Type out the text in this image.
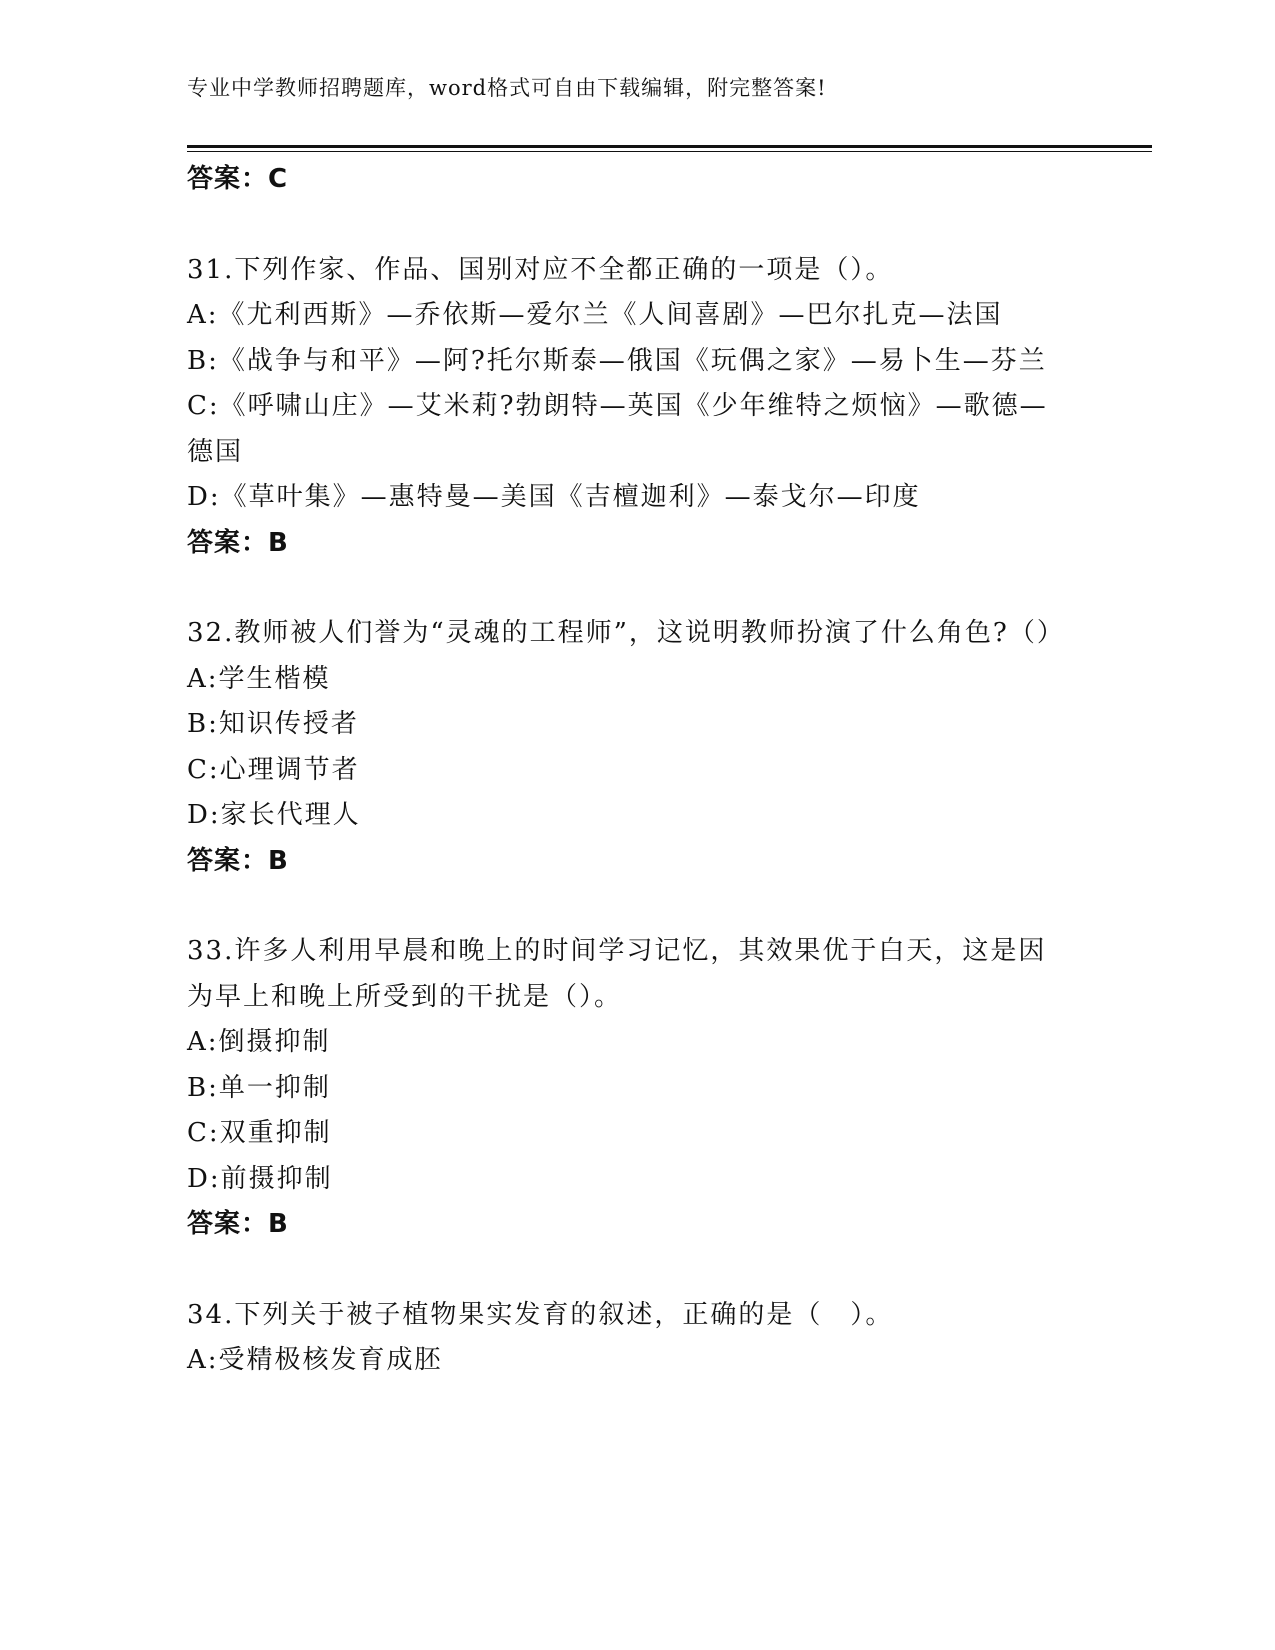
专业中学教师招聘题库，word格式可自由下载编辑，附完整答案!
答案：C
31.下列作家、作品、国别对应不全都正确的一项是（）。
A:《尤利西斯》—乔依斯—爱尔兰《人间喜剧》—巴尔扎克—法国
B:《战争与和平》—阿?托尔斯泰—俄国《玩偶之家》—易卜生—芬兰
C:《呼啸山庄》—艾米莉?勃朗特—英国《少年维特之烦恼》—歌德—德国
D:《草叶集》—惠特曼—美国《吉檀迦利》—泰戈尔—印度
答案：B
32.教师被人们誉为“灵魂的工程师”，这说明教师扮演了什么角色?（）
A:学生楷模
B:知识传授者
C:心理调节者
D:家长代理人
答案：B
33.许多人利用早晨和晚上的时间学习记忆，其效果优于白天，这是因为早上和晚上所受到的干扰是（）。
A:倒摄抑制
B:单一抑制
C:双重抑制
D:前摄抑制
答案：B
34.下列关于被子植物果实发育的叙述，正确的是（　）。
A:受精极核发育成胚
